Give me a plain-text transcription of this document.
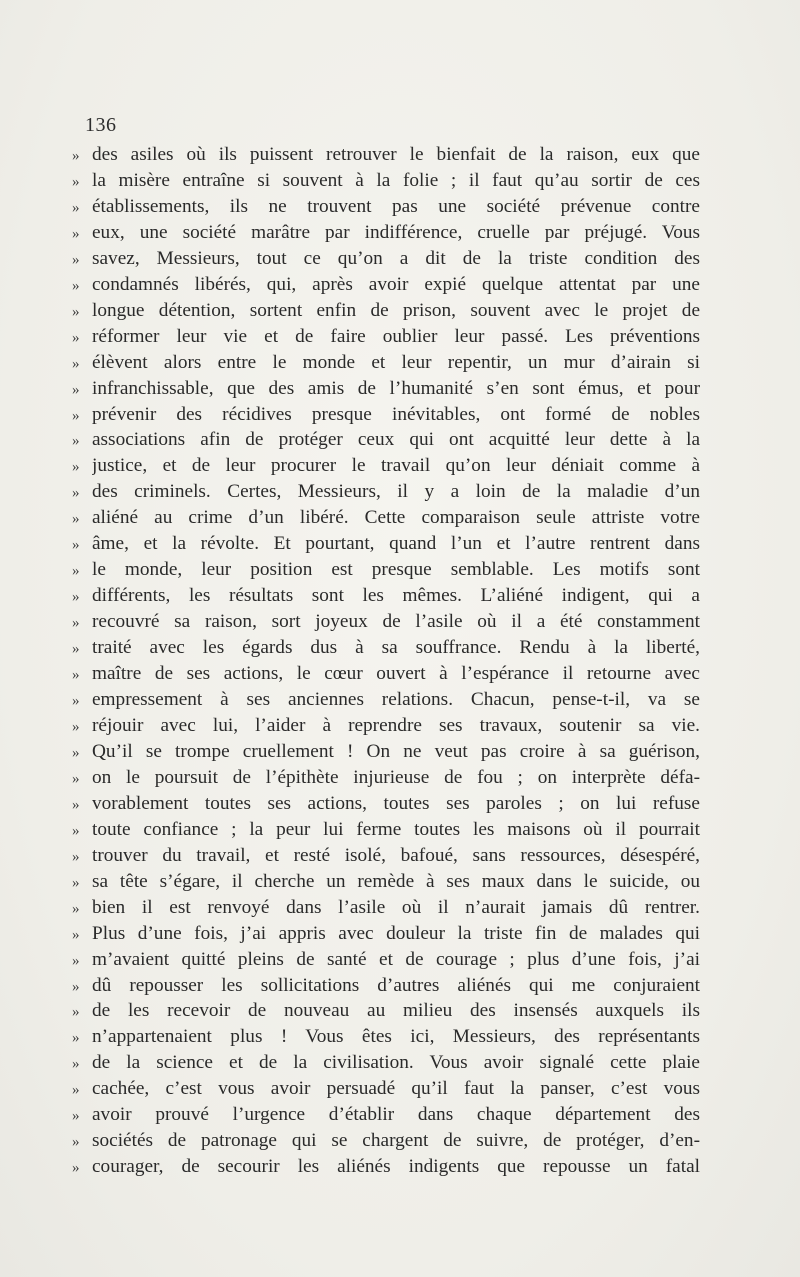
136
» des asiles où ils puissent retrouver le bienfait de la raison, eux que
» la misère entraîne si souvent à la folie ; il faut qu’au sortir de ces
» établissements, ils ne trouvent pas une société prévenue contre
» eux, une société marâtre par indifférence, cruelle par préjugé. Vous
» savez, Messieurs, tout ce qu’on a dit de la triste condition des
» condamnés libérés, qui, après avoir expié quelque attentat par une
» longue détention, sortent enfin de prison, souvent avec le projet de
» réformer leur vie et de faire oublier leur passé. Les préventions
» élèvent alors entre le monde et leur repentir, un mur d’airain si
» infranchissable, que des amis de l’humanité s’en sont émus, et pour
» prévenir des récidives presque inévitables, ont formé de nobles
» associations afin de protéger ceux qui ont acquitté leur dette à la
» justice, et de leur procurer le travail qu’on leur déniait comme à
» des criminels. Certes, Messieurs, il y a loin de la maladie d’un
» aliéné au crime d’un libéré. Cette comparaison seule attriste votre
» âme, et la révolte. Et pourtant, quand l’un et l’autre rentrent dans
» le monde, leur position est presque semblable. Les motifs sont
» différents, les résultats sont les mêmes. L’aliéné indigent, qui a
» recouvré sa raison, sort joyeux de l’asile où il a été constamment
» traité avec les égards dus à sa souffrance. Rendu à la liberté,
» maître de ses actions, le cœur ouvert à l’espérance il retourne avec
» empressement à ses anciennes relations. Chacun, pense-t-il, va se
» réjouir avec lui, l’aider à reprendre ses travaux, soutenir sa vie.
» Qu’il se trompe cruellement ! On ne veut pas croire à sa guérison,
» on le poursuit de l’épithète injurieuse de fou ; on interprète défa-
» vorablement toutes ses actions, toutes ses paroles ; on lui refuse
» toute confiance ; la peur lui ferme toutes les maisons où il pourrait
» trouver du travail, et resté isolé, bafoué, sans ressources, désespéré,
» sa tête s’égare, il cherche un remède à ses maux dans le suicide, ou
» bien il est renvoyé dans l’asile où il n’aurait jamais dû rentrer.
» Plus d’une fois, j’ai appris avec douleur la triste fin de malades qui
» m’avaient quitté pleins de santé et de courage ; plus d’une fois, j’ai
» dû repousser les sollicitations d’autres aliénés qui me conjuraient
» de les recevoir de nouveau au milieu des insensés auxquels ils
» n’appartenaient plus ! Vous êtes ici, Messieurs, des représentants
» de la science et de la civilisation. Vous avoir signalé cette plaie
» cachée, c’est vous avoir persuadé qu’il faut la panser, c’est vous
» avoir prouvé l’urgence d’établir dans chaque département des
» sociétés de patronage qui se chargent de suivre, de protéger, d’en-
» courager, de secourir les aliénés indigents que repousse un fatal
